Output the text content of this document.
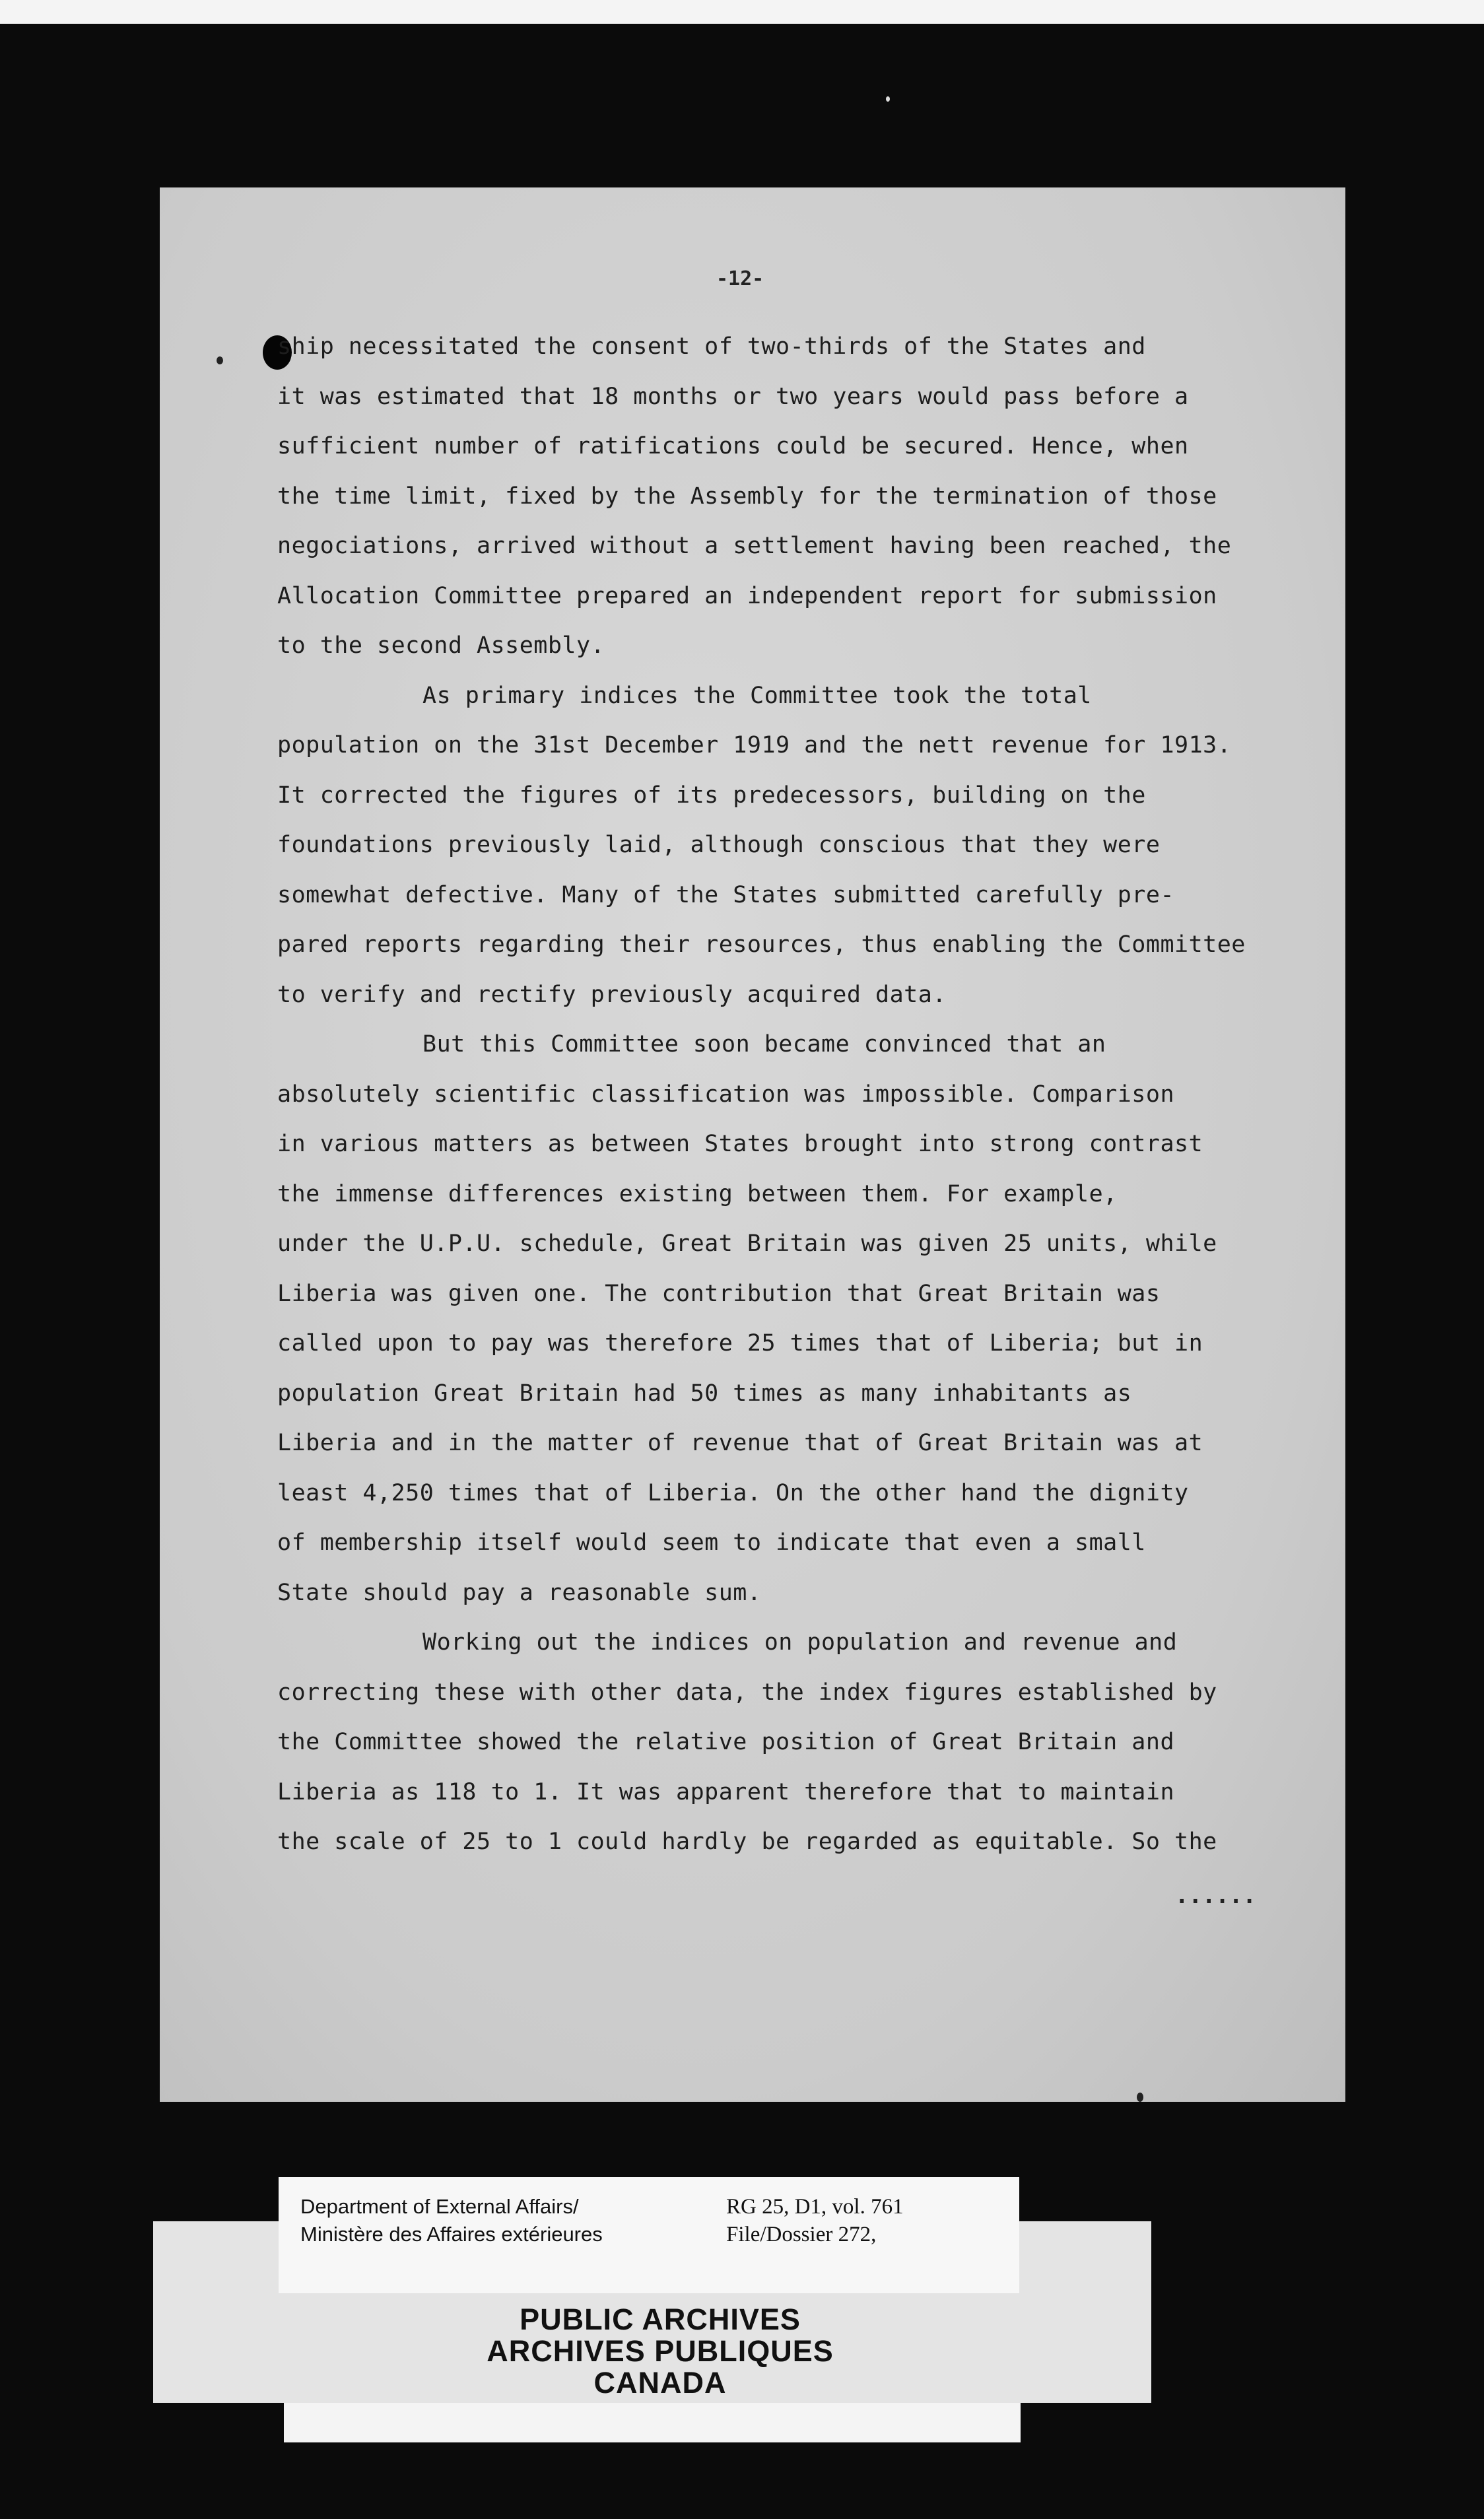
-12-
ship necessitated the consent of two-thirds of the States and
it was estimated that 18 months or two years would pass before a
sufficient number of ratifications could be secured. Hence, when
the time limit, fixed by the Assembly for the termination of those
negociations, arrived without a settlement having been reached, the
Allocation Committee prepared an independent report for submission
to the second Assembly.
As primary indices the Committee took the total
population on the 31st December 1919 and the nett revenue for 1913.
It corrected the figures of its predecessors, building on the
foundations previously laid, although conscious that they were
somewhat defective. Many of the States submitted carefully pre-
pared reports regarding their resources, thus enabling the Committee
to verify and rectify previously acquired data.
But this Committee soon became convinced that an
absolutely scientific classification was impossible. Comparison
in various matters as between States brought into strong contrast
the immense differences existing between them. For example,
under the U.P.U. schedule, Great Britain was given 25 units, while
Liberia was given one. The contribution that Great Britain was
called upon to pay was therefore 25 times that of Liberia; but in
population Great Britain had 50 times as many inhabitants as
Liberia and in the matter of revenue that of Great Britain was at
least 4,250 times that of Liberia. On the other hand the dignity
of membership itself would seem to indicate that even a small
State should pay a reasonable sum.
Working out the indices on population and revenue and
correcting these with other data, the index figures established by
the Committee showed the relative position of Great Britain and
Liberia as 118 to 1. It was apparent therefore that to maintain
the scale of 25 to 1 could hardly be regarded as equitable. So the
......
Department of External Affairs/
Ministère des Affaires extérieures
RG 25, D1, vol. 761
File/Dossier 272,
PUBLIC ARCHIVES
ARCHIVES PUBLIQUES
CANADA
